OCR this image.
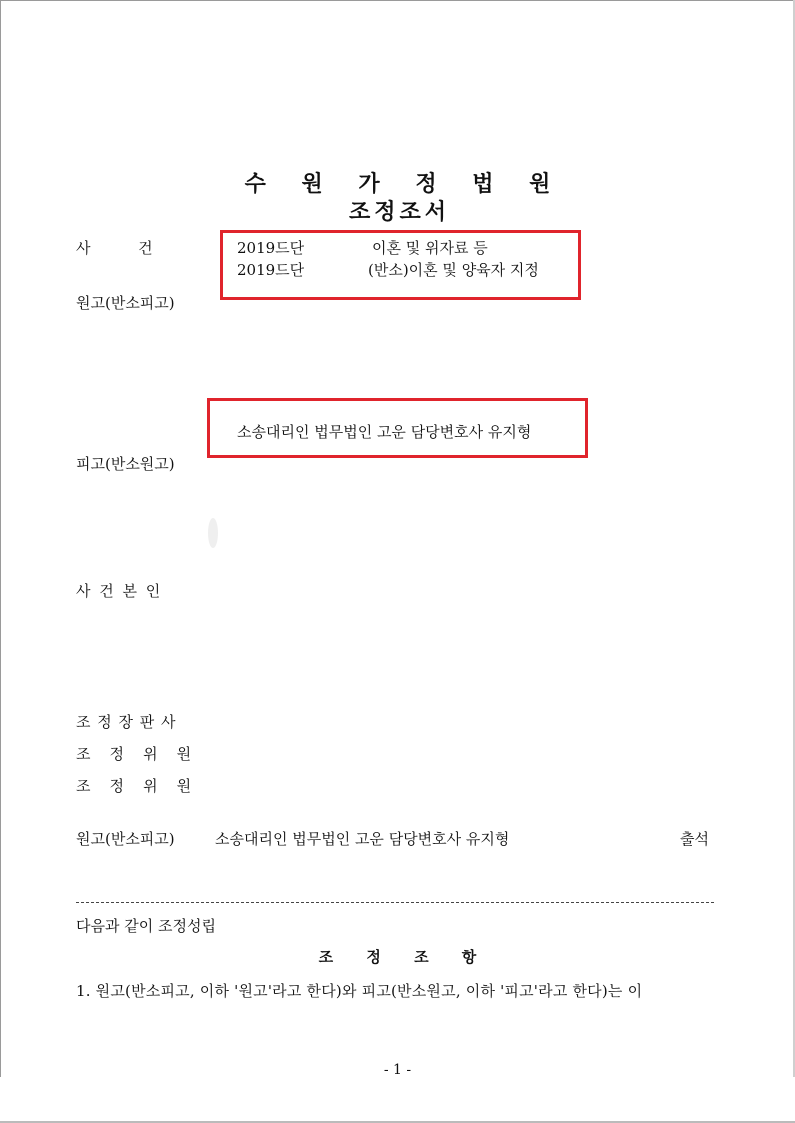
수 원 가 정 법 원
조정조서
사          건	2019드단	이혼 및 위자료 등
2019드단	(반소)이혼 및 양육자 지정
원고(반소피고)
소송대리인 법무법인 고운 담당변호사 유지형
피고(반소원고)
사 건 본 인
조 정 장 판 사
조    정    위    원
조    정    위    원
원고(반소피고)	소송대리인 법무법인 고운 담당변호사 유지형	출석
다음과 같이 조정성립
조 정 조 항
1. 원고(반소피고, 이하 '원고'라고 한다)와 피고(반소원고, 이하 '피고'라고 한다)는 이
- 1 -
